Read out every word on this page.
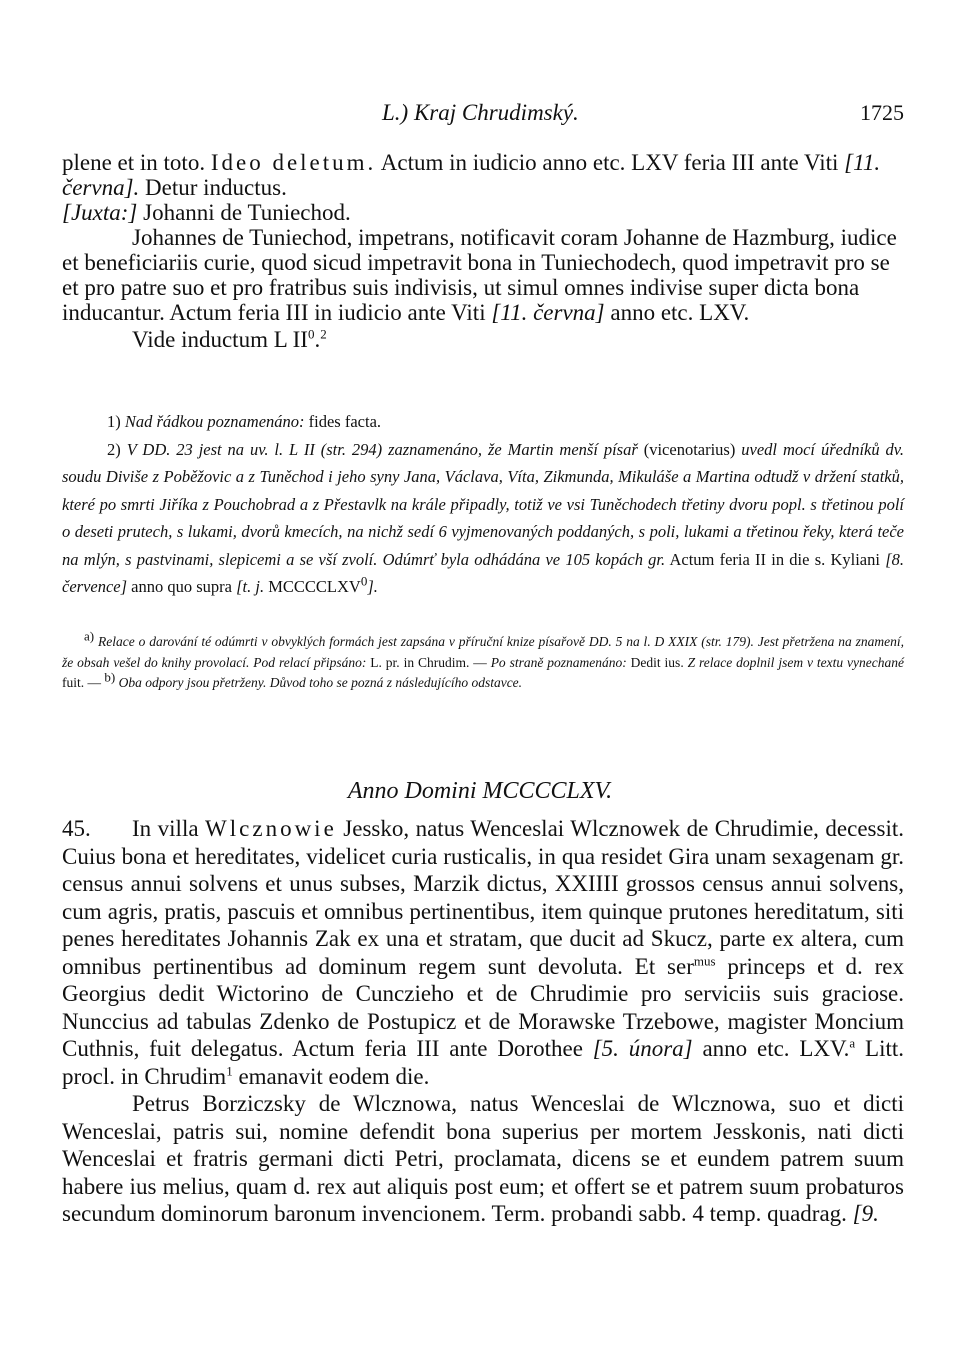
L.) Kraj Chrudimský.	1725

plene et in toto. Ideo deletum. Actum in iudicio anno etc. LXV feria III ante Viti [11. června]. Detur inductus.

[Juxta:] Johanni de Tuniechod.

Johannes de Tuniechod, impetrans, notificavit coram Johanne de Hazmburg, iudice et beneficiariis curie, quod sicud impetravit bona in Tuniechodech, quod impetravit pro se et pro patre suo et pro fratribus suis indivisis, ut simul omnes indivise super dicta bona inducantur. Actum feria III in iudicio ante Viti [11. června] anno etc. LXV.

Vide inductum L $II^0.^2$

1) Nad řádkou poznamenáno: fides facta.

2) V DD. 23 jest na uv. l. L II (str. 294) zaznamenáno, že Martin menší písař (vicenotarius) uvedl mocí úředníků dv. soudu Diviše z Poběžovic a z Tuněchod i jeho syny Jana, Václava, Víta, Zikmunda, Mikuláše a Martina odtudž v držení statků, které po smrti Jiříka z Pouchobrad a z Přestavlk na krále připadly, totiž ve vsi Tuněchodech třetiny dvoru popl. s třetinou polí o deseti prutech, s lukami, dvorů kmecích, na nichž sedí 6 vyjmenovaných poddaných, s poli, lukami a třetinou řeky, která teče na mlýn, s pastvinami, slepicemi a se vší zvolí. Odúmrť byla odhádána ve 105 kopách gr. Actum feria II in die s. Kyliani [8. července] anno quo supra [t. j. MCCCCLXV$^0$].

$^{a)}$ Relace o darování té odúmrti v obvyklých formách jest zapsána v příruční knize písařově DD. 5 na l. D XXIX (str. 179). Jest přetržena na znamení, že obsah vešel do knihy provolací. Pod relací připsáno: L. pr. in Chrudim. — Po straně poznamenáno: Dedit ius. Z relace doplnil jsem v textu vynechané fuit. — $^{b)}$ Oba odpory jsou přetrženy. Důvod toho se pozná z následujícího odstavce.

Anno Domini MCCCCLXV.

45. In villa Wlcznowie Jessko, natus Wenceslai Wlcznowek de Chrudimie, decessit. Cuius bona et hereditates, videlicet curia rusticalis, in qua residet Gira unam sexagenam gr. census annui solvens et unus subses, Marzik dictus, XXIIII grossos census annui solvens, cum agris, pratis, pascuis et omnibus pertinentibus, item quinque prutones hereditatum, siti penes hereditates Johannis Zak ex una et stratam, que ducit ad Skucz, parte ex altera, cum omnibus pertinentibus ad dominum regem sunt devoluta. Et ser$^{mus}$ princeps et d. rex Georgius dedit Wictorino de Cunczieho et de Chrudimie pro serviciis suis graciose. Nunccius ad tabulas Zdenko de Postupicz et de Morawske Trzebowe, magister Moncium Cuthnis, fuit delegatus. Actum feria III ante Dorothee [5. února] anno etc. LXV.$^a$ Litt. procl. in Chrudim$^1$ emanavit eodem die.

Petrus Borziczsky de Wlcznowa, natus Wenceslai de Wlcznowa, suo et dicti Wenceslai, patris sui, nomine defendit bona superius per mortem Jesskonis, nati dicti Wenceslai et fratris germani dicti Petri, proclamata, dicens se et eundem patrem suum habere ius melius, quam d. rex aut aliquis post eum; et offert se et patrem suum probaturos secundum dominorum baronum invencionem. Term. probandi sabb. 4 temp. quadrag. [9.
